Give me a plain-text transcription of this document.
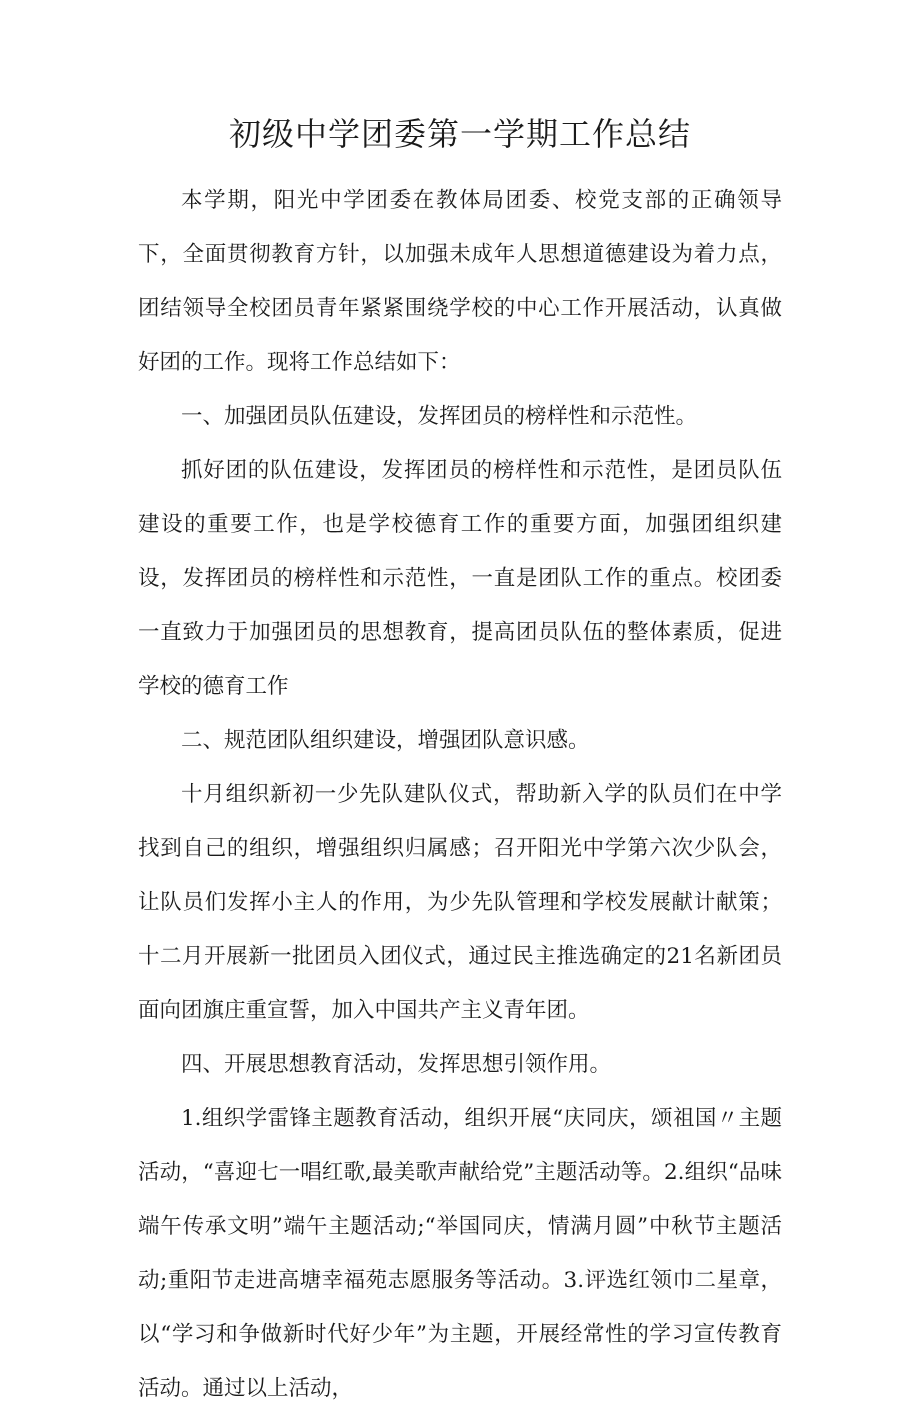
初级中学团委第一学期工作总结

本学期，阳光中学团委在教体局团委、校党支部的正确领导下，全面贯彻教育方针，以加强未成年人思想道德建设为着力点，团结领导全校团员青年紧紧围绕学校的中心工作开展活动，认真做好团的工作。现将工作总结如下：

一、加强团员队伍建设，发挥团员的榜样性和示范性。

抓好团的队伍建设，发挥团员的榜样性和示范性，是团员队伍建设的重要工作，也是学校德育工作的重要方面，加强团组织建设，发挥团员的榜样性和示范性，一直是团队工作的重点。校团委一直致力于加强团员的思想教育，提高团员队伍的整体素质，促进学校的德育工作

二、规范团队组织建设，增强团队意识感。

十月组织新初一少先队建队仪式，帮助新入学的队员们在中学找到自己的组织，增强组织归属感；召开阳光中学第六次少队会，让队员们发挥小主人的作用，为少先队管理和学校发展献计献策；十二月开展新一批团员入团仪式，通过民主推选确定的21名新团员面向团旗庄重宣誓，加入中国共产主义青年团。

四、开展思想教育活动，发挥思想引领作用。

1.组织学雷锋主题教育活动，组织开展“庆同庆，颂祖国〃主题活动，“喜迎七一唱红歌,最美歌声献给党”主题活动等。2.组织“品味端午传承文明”端午主题活动;“举国同庆，情满月圆”中秋节主题活动;重阳节走进高塘幸福苑志愿服务等活动。3.评选红领巾二星章，以“学习和争做新时代好少年”为主题，开展经常性的学习宣传教育活动。通过以上活动，
